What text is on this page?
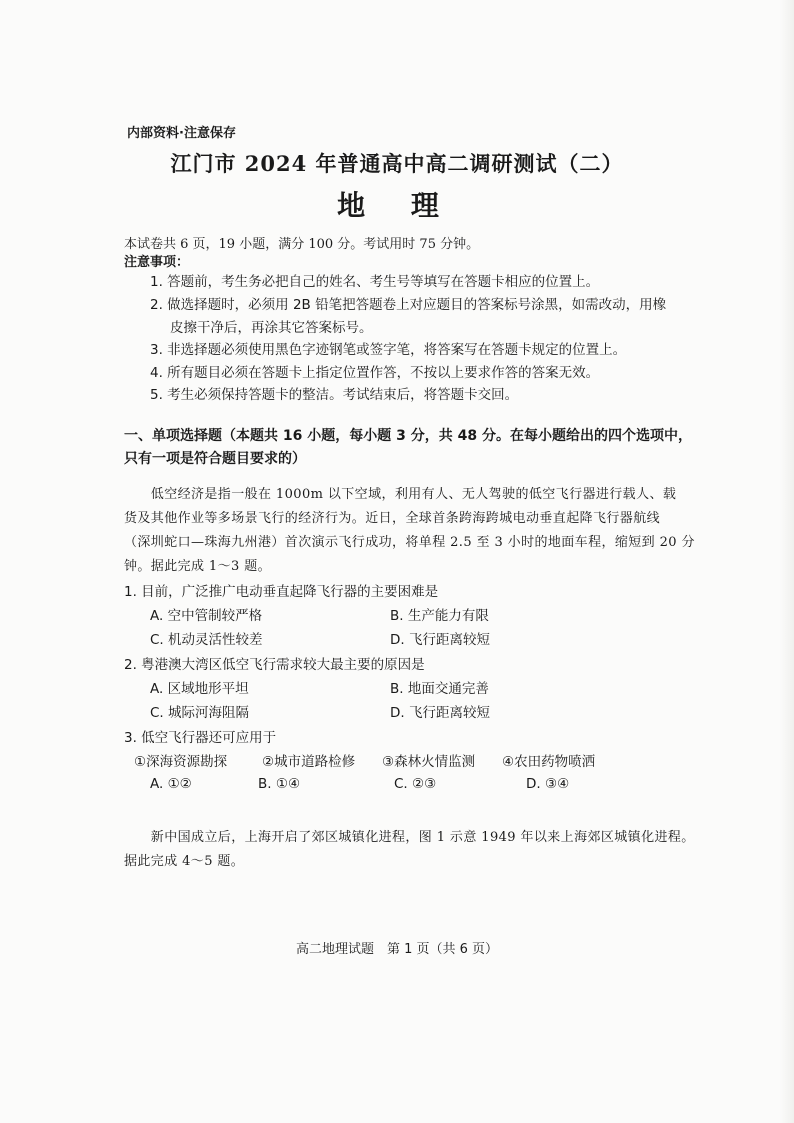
内部资料·注意保存
江门市 2024 年普通高中高二调研测试（二）
地 理
本试卷共 6 页，19 小题，满分 100 分。考试用时 75 分钟。
注意事项：
1. 答题前，考生务必把自己的姓名、考生号等填写在答题卡相应的位置上。
2. 做选择题时，必须用 2B 铅笔把答题卷上对应题目的答案标号涂黑，如需改动，用橡
皮擦干净后，再涂其它答案标号。
3. 非选择题必须使用黑色字迹钢笔或签字笔，将答案写在答题卡规定的位置上。
4. 所有题目必须在答题卡上指定位置作答，不按以上要求作答的答案无效。
5. 考生必须保持答题卡的整洁。考试结束后，将答题卡交回。
一、单项选择题（本题共 16 小题，每小题 3 分，共 48 分。在每小题给出的四个选项中，
只有一项是符合题目要求的）
　　低空经济是指一般在 1000m 以下空域，利用有人、无人驾驶的低空飞行器进行载人、载
货及其他作业等多场景飞行的经济行为。近日，全球首条跨海跨城电动垂直起降飞行器航线
（深圳蛇口—珠海九州港）首次演示飞行成功，将单程 2.5 至 3 小时的地面车程，缩短到 20 分
钟。据此完成 1～3 题。
1. 目前，广泛推广电动垂直起降飞行器的主要困难是
A. 空中管制较严格	B. 生产能力有限
C. 机动灵活性较差	D. 飞行距离较短
2. 粤港澳大湾区低空飞行需求较大最主要的原因是
A. 区域地形平坦	B. 地面交通完善
C. 城际河海阻隔	D. 飞行距离较短
3. 低空飞行器还可应用于
①深海资源勘探	②城市道路检修 ③森林火情监测 ④农田药物喷洒
A. ①②	B. ①④	C. ②③	D. ③④
　　新中国成立后，上海开启了郊区城镇化进程，图 1 示意 1949 年以来上海郊区城镇化进程。
据此完成 4～5 题。
高二地理试题　第 1 页（共 6 页）
